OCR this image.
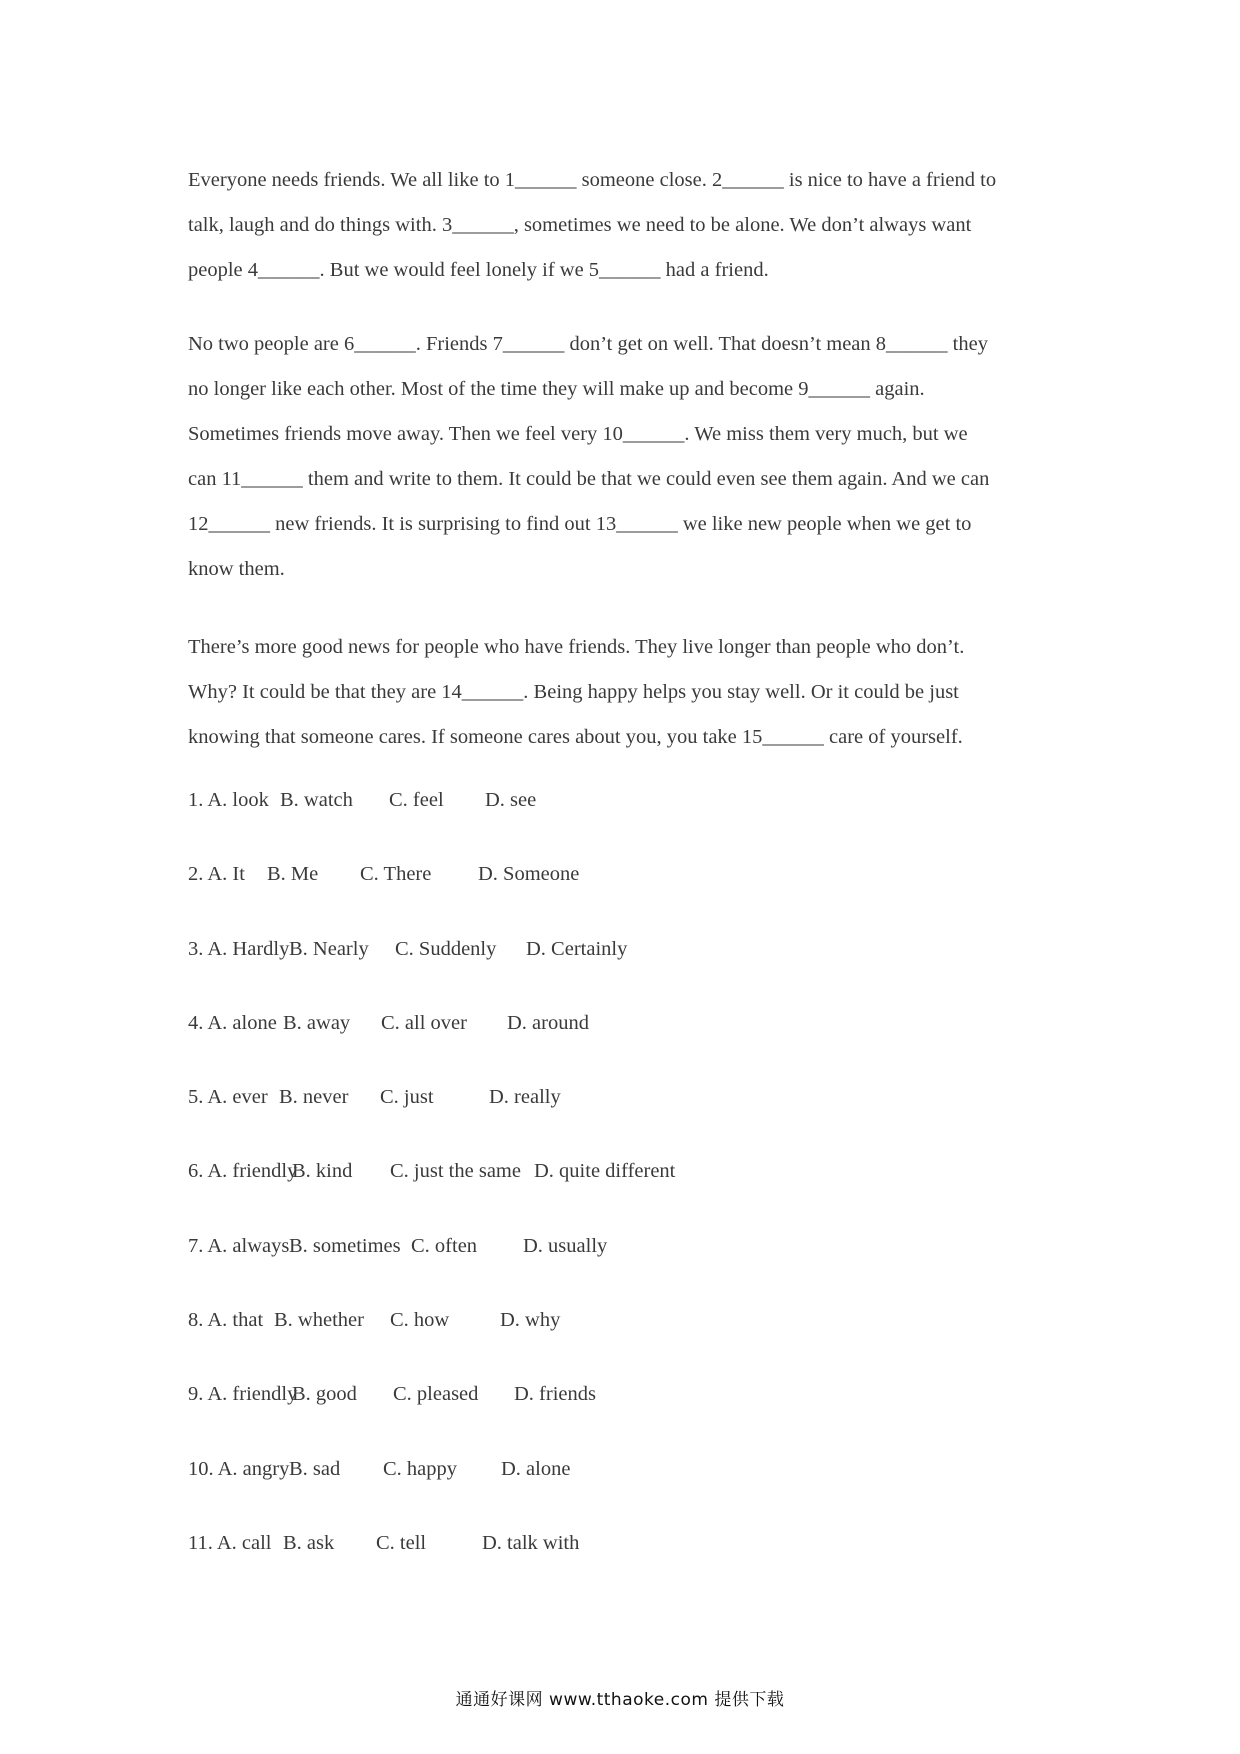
Everyone needs friends. We all like to 1______ someone close. 2______ is nice to have a friend to
talk, laugh and do things with. 3______, sometimes we need to be alone. We don’t always want
people 4______. But we would feel lonely if we 5______ had a friend.

No two people are 6______. Friends 7______ don’t get on well. That doesn’t mean 8______ they
no longer like each other. Most of the time they will make up and become 9______ again.
Sometimes friends move away. Then we feel very 10______. We miss them very much, but we
can 11______ them and write to them. It could be that we could even see them again. And we can
12______ new friends. It is surprising to find out 13______ we like new people when we get to
know them.

There’s more good news for people who have friends. They live longer than people who don’t.
Why? It could be that they are 14______. Being happy helps you stay well. Or it could be just
knowing that someone cares. If someone cares about you, you take 15______ care of yourself.

1. A. look B. watch C. feel D. see
2. A. It B. Me C. There D. Someone
3. A. Hardly B. Nearly C. Suddenly D. Certainly
4. A. alone B. away C. all over D. around
5. A. ever B. never C. just	D. really
6. A. friendly
B. kind C. just the same D. quite different
7. A. always B. sometimes C. often D. usually
8. A. that B. whether C. how D. why
9. A. friendly
B. good C. pleased D. friends
10. A. angry B. sad C. happy D. alone
11. A. call B. ask C. tell	D. talk with
通通好课网 www.tthaoke.com 提供下载
